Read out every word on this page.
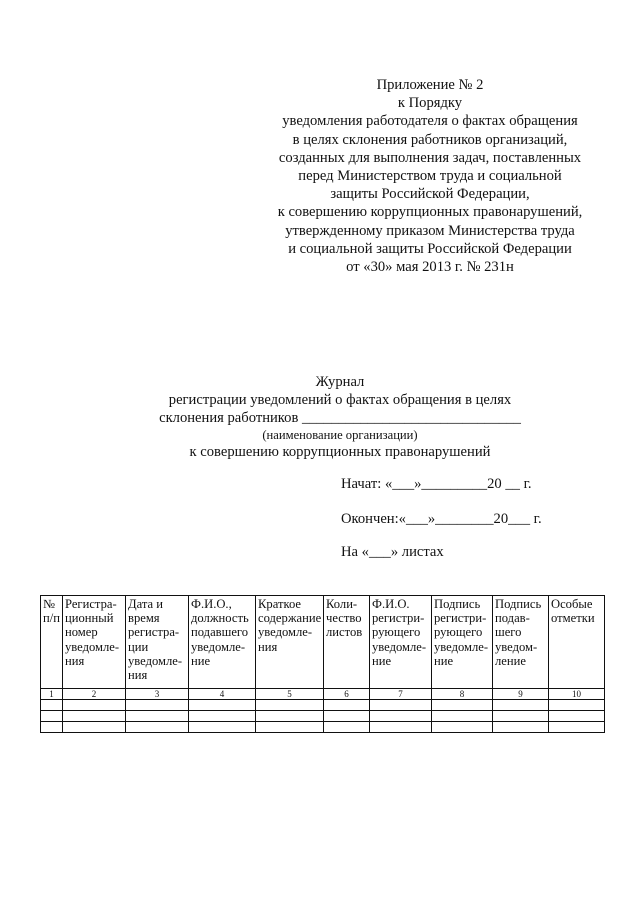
Приложение № 2
к Порядку
уведомления работодателя о фактах обращения
в целях склонения работников организаций,
созданных для выполнения задач, поставленных
перед Министерством труда и социальной
защиты Российской Федерации,
к совершению коррупционных правонарушений,
утвержденному приказом Министерства труда
и социальной защиты Российской Федерации
от «30» мая 2013 г. № 231н
Журнал
регистрации уведомлений о фактах обращения в целях
склонения работников ______________________________
(наименование организации)
к совершению коррупционных правонарушений
Начат: «___»_________20 __ г.
Окончен:«___»________20___ г.
На «___» листах
№ п/п	Регистра-ционный номер уведомле-ния	Дата и время регистра-ции уведомле-ния	Ф.И.О., должность подавшего уведомле-ние	Краткое содержание уведомле-ния	Коли-чество листов	Ф.И.О. регистри-рующего уведомле-ние	Подпись регистри-рующего уведомле-ние	Подпись подав-шего уведом-ление	Особые отметки
1	2	3	4	5	6	7	8	9	10
